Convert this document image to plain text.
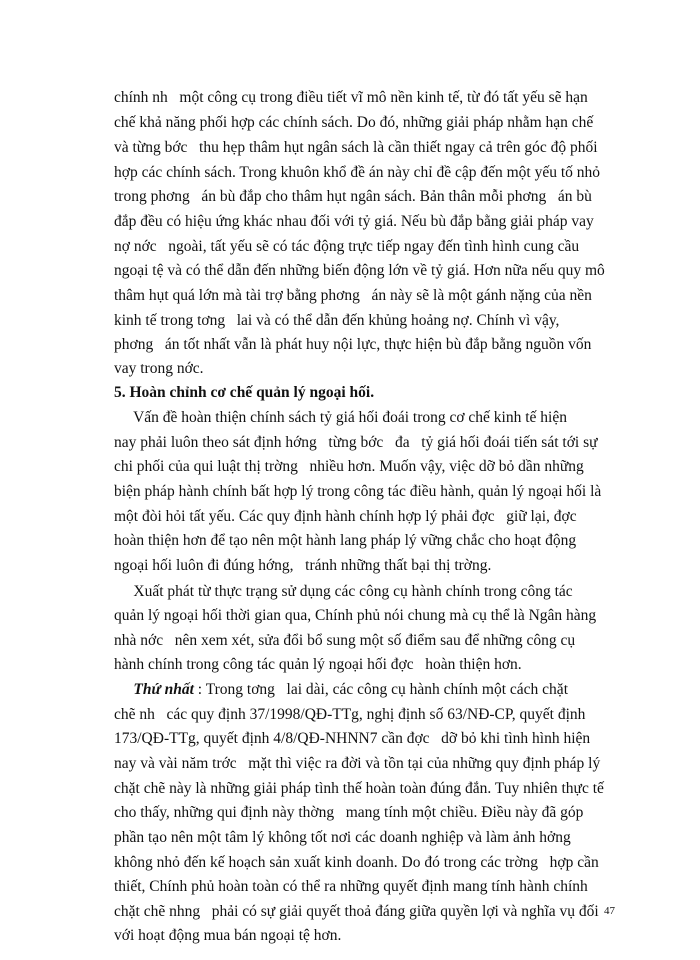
chính nh   một công cụ trong điều tiết vĩ mô nền kinh tế, từ đó tất yếu sẽ hạn
chế khả năng phối hợp các chính sách. Do đó, những giải pháp nhằm hạn chế
và từng bớc   thu hẹp thâm hụt ngân sách là cần thiết ngay cả trên góc độ phối
hợp các chính sách. Trong khuôn khổ đề án này chỉ đề cập đến một yếu tố nhỏ
trong phơng   án bù đắp cho thâm hụt ngân sách. Bản thân mỗi phơng   án bù
đắp đều có hiệu ứng khác nhau đối với tỷ giá. Nếu bù đắp bằng giải pháp vay
nợ nớc   ngoài, tất yếu sẽ có tác động trực tiếp ngay đến tình hình cung cầu
ngoại tệ và có thể dẫn đến những biến động lớn về tỷ giá. Hơn nữa nếu quy mô
thâm hụt quá lớn mà tài trợ bằng phơng   án này sẽ là một gánh nặng của nền
kinh tế trong tơng   lai và có thể dẫn đến khủng hoảng nợ. Chính vì vậy,
phơng   án tốt nhất vẫn là phát huy nội lực, thực hiện bù đắp bằng nguồn vốn
vay trong nớc.
5. Hoàn chỉnh cơ chế quản lý ngoại hối.
Vấn đề hoàn thiện chính sách tỷ giá hối đoái trong cơ chế kinh tế hiện
nay phải luôn theo sát định hớng   từng bớc   đa   tỷ giá hối đoái tiến sát tới sự
chi phối của qui luật thị trờng   nhiều hơn. Muốn vậy, việc dỡ bỏ dần những
biện pháp hành chính bất hợp lý trong công tác điều hành, quản lý ngoại hối là
một đòi hỏi tất yếu. Các quy định hành chính hợp lý phải đợc   giữ lại, đợc
hoàn thiện hơn để tạo nên một hành lang pháp lý vững chắc cho hoạt động
ngoại hối luôn đi đúng hớng,   tránh những thất bại thị trờng.
Xuất phát từ thực trạng sử dụng các công cụ hành chính trong công tác
quản lý ngoại hối thời gian qua, Chính phủ nói chung mà cụ thể là Ngân hàng
nhà nớc   nên xem xét, sửa đổi bổ sung một số điểm sau để những công cụ
hành chính trong công tác quản lý ngoại hối đợc   hoàn thiện hơn.
Thứ nhất : Trong tơng   lai dài, các công cụ hành chính một cách chặt
chẽ nh   các quy định 37/1998/QĐ-TTg, nghị định số 63/NĐ-CP, quyết định
173/QĐ-TTg, quyết định 4/8/QĐ-NHNN7 cần đợc   dỡ bỏ khi tình hình hiện
nay và vài năm trớc   mặt thì việc ra đời và tồn tại của những quy định pháp lý
chặt chẽ này là những giải pháp tình thế hoàn toàn đúng đắn. Tuy nhiên thực tế
cho thấy, những qui định này thờng   mang tính một chiều. Điều này đã góp
phần tạo nên một tâm lý không tốt nơi các doanh nghiệp và làm ảnh hởng
không nhỏ đến kế hoạch sản xuất kinh doanh. Do đó trong các trờng   hợp cần
thiết, Chính phủ hoàn toàn có thể ra những quyết định mang tính hành chính
chặt chẽ nhng   phải có sự giải quyết thoả đáng giữa quyền lợi và nghĩa vụ đối
với hoạt động mua bán ngoại tệ hơn.
47
